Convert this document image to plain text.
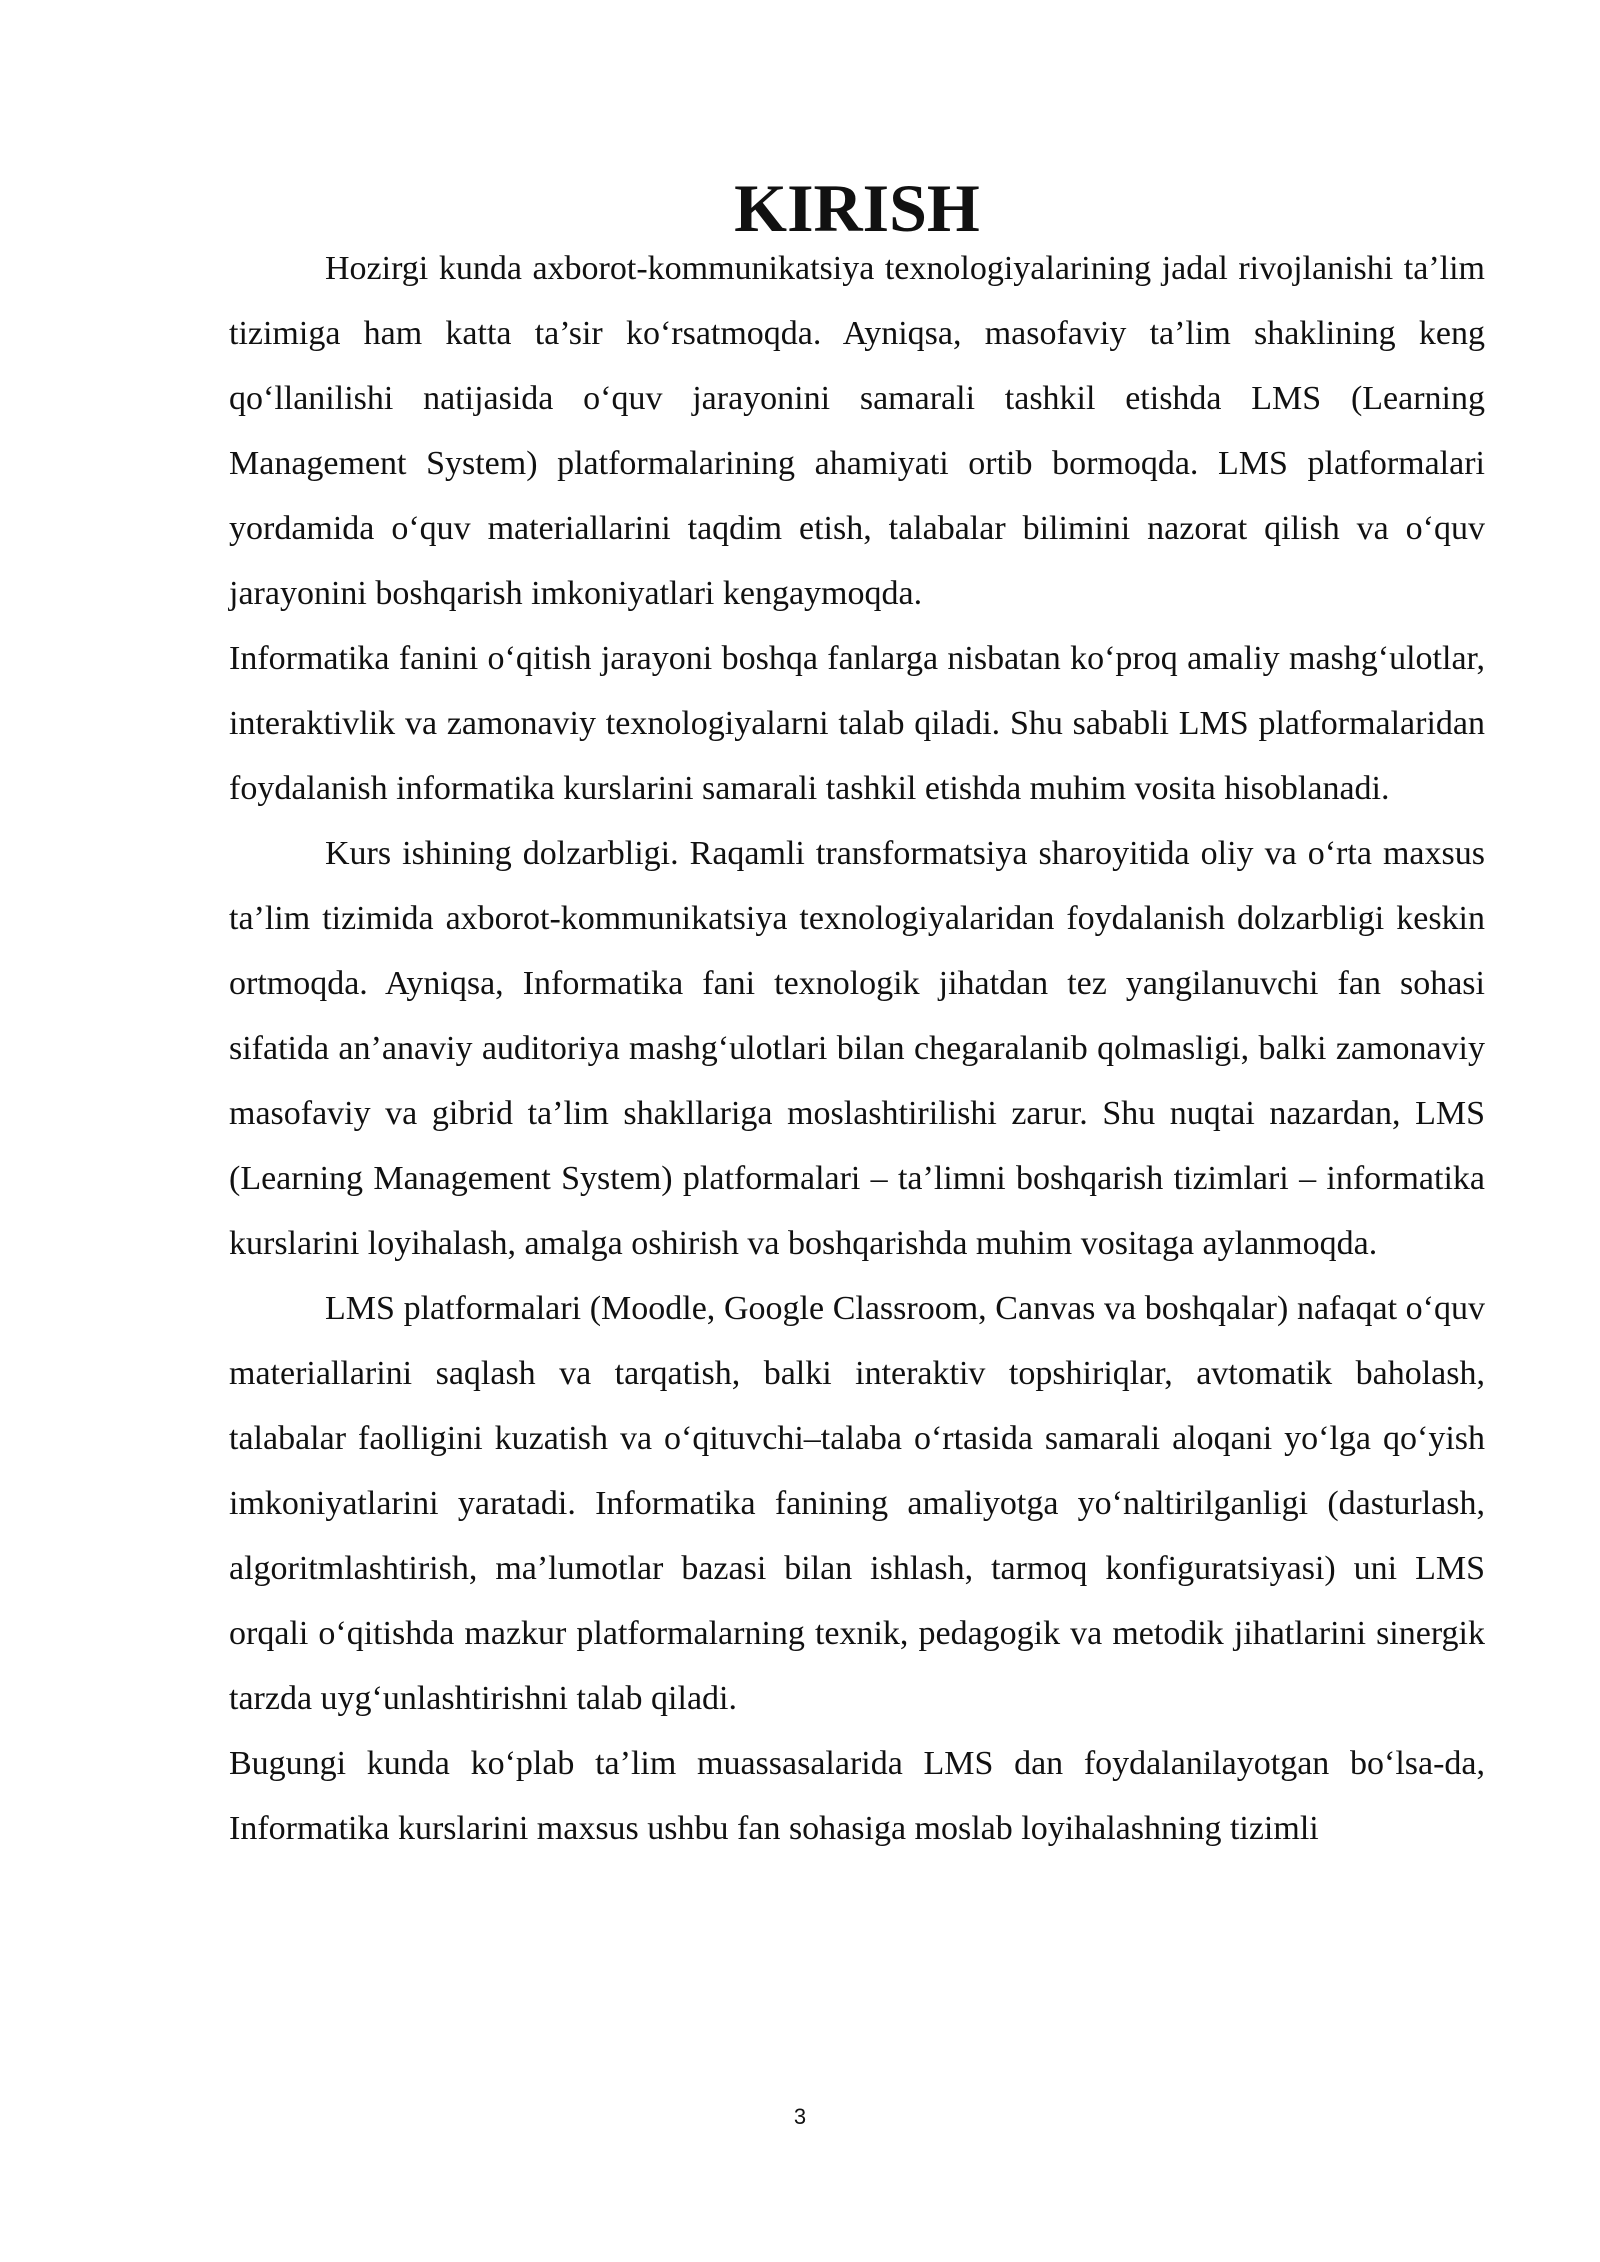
KIRISH

Hozirgi kunda axborot-kommunikatsiya texnologiyalarining jadal rivojlanishi ta’lim tizimiga ham katta ta’sir ko‘rsatmoqda. Ayniqsa, masofaviy ta’lim shaklining keng qo‘llanilishi natijasida o‘quv jarayonini samarali tashkil etishda LMS (Learning Management System) platformalarining ahamiyati ortib bormoqda. LMS platformalari yordamida o‘quv materiallarini taqdim etish, talabalar bilimini nazorat qilish va o‘quv jarayonini boshqarish imkoniyatlari kengaymoqda.

Informatika fanini o‘qitish jarayoni boshqa fanlarga nisbatan ko‘proq amaliy mashg‘ulotlar, interaktivlik va zamonaviy texnologiyalarni talab qiladi. Shu sababli LMS platformalaridan foydalanish informatika kurslarini samarali tashkil etishda muhim vosita hisoblanadi.

Kurs ishining dolzarbligi. Raqamli transformatsiya sharoyitida oliy va o‘rta maxsus ta’lim tizimida axborot-kommunikatsiya texnologiyalaridan foydalanish dolzarbligi keskin ortmoqda. Ayniqsa, Informatika fani texnologik jihatdan tez yangilanuvchi fan sohasi sifatida an’anaviy auditoriya mashg‘ulotlari bilan chegaralanib qolmasligi, balki zamonaviy masofaviy va gibrid ta’lim shakllariga moslashtirilishi zarur. Shu nuqtai nazardan, LMS (Learning Management System) platformalari – ta’limni boshqarish tizimlari – informatika kurslarini loyihalash, amalga oshirish va boshqarishda muhim vositaga aylanmoqda.

LMS platformalari (Moodle, Google Classroom, Canvas va boshqalar) nafaqat o‘quv materiallarini saqlash va tarqatish, balki interaktiv topshiriqlar, avtomatik baholash, talabalar faolligini kuzatish va o‘qituvchi–talaba o‘rtasida samarali aloqani yo‘lga qo‘yish imkoniyatlarini yaratadi. Informatika fanining amaliyotga yo‘naltirilganligi (dasturlash, algoritmlashtirish, ma’lumotlar bazasi bilan ishlash, tarmoq konfiguratsiyasi) uni LMS orqali o‘qitishda mazkur platformalarning texnik, pedagogik va metodik jihatlarini sinergik tarzda uyg‘unlashtirishni talab qiladi.

Bugungi kunda ko‘plab ta’lim muassasalarida LMS dan foydalanilayotgan bo‘lsa-da, Informatika kurslarini maxsus ushbu fan sohasiga moslab loyihalashning tizimli

3
